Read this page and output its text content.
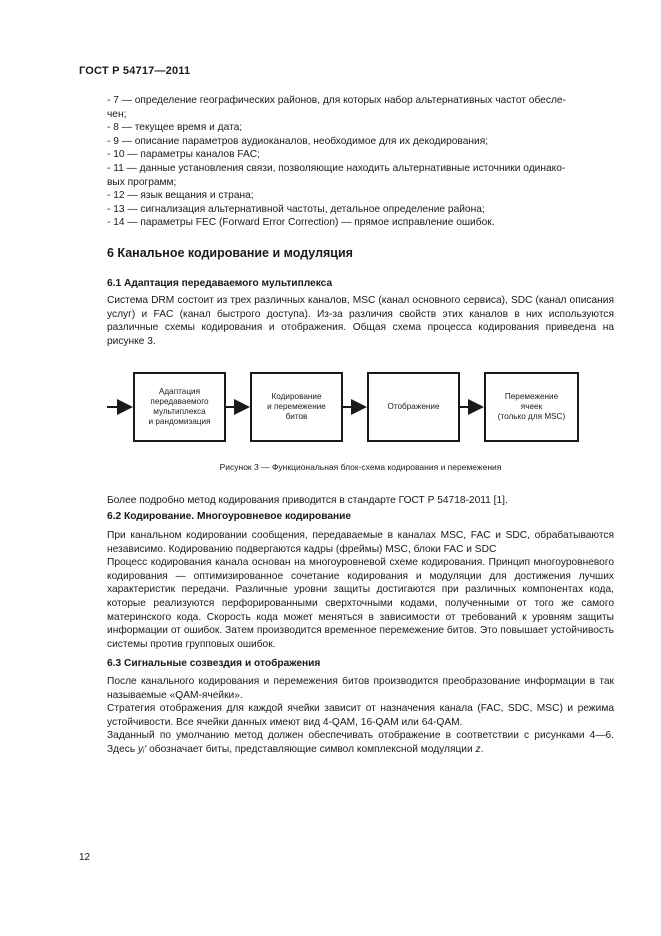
ГОСТ Р 54717—2011

- 7 — определение географических районов, для которых набор альтернативных частот обесле-

чен;

- 8 — текущее время и дата;

- 9 — описание параметров аудиоканалов, необходимое для их декодирования;

- 10 — параметры каналов FAC;

- 11 — данные установления связи, позволяющие находить альтернативные источники одинако-

вых программ;

- 12 — язык вещания и страна;

- 13 — сигнализация альтернативной частоты, детальное определение района;

- 14 — параметры FEC (Forward Error Correction) — прямое исправление ошибок.

6 Канальное кодирование и модуляция
6.1 Адаптация передаваемого мультиплекса

Система DRM состоит из трех различных каналов, MSC (канал основного сервиса), SDC (канал описания услуг) и FAC (канал быстрого доступа). Из-за различия свойств этих каналов в них используются различные схемы кодирования и отображения. Общая схема процесса кодирования приведена на рисунке 3.

Адаптация
передаваемого
мультиплекса
и рандомизация
Кодирование
и перемежение
битов
Отображение
Перемежение
ячеек
(только для MSC)
Рисунок 3 — Функциональная блок-схема кодирования и перемежения

Более подробно метод кодирования приводится в стандарте ГОСТ Р 54718-2011 [1].

6.2 Кодирование. Многоуровневое кодирование

При канальном кодировании сообщения, передаваемые в каналах MSC, FAC и SDC, обрабатываются независимо. Кодированию подвергаются кадры (фреймы) MSC, блоки FAC и SDC

Процесс кодирования канала основан на многоуровневой схеме кодирования. Принцип многоуровневого кодирования — оптимизированное сочетание кодирования и модуляции для достижения лучших характеристик передачи. Различные уровни защиты достигаются при различных компонентах кода, которые реализуются перфорированными сверхточными кодами, полученными от того же самого материнского кода. Скорость кода может меняться в зависимости от требований к уровням защиты информации от ошибок. Затем производится временное перемежение битов. Это повышает устойчивость системы против групповых ошибок.

6.3 Сигнальные созвездия и отображения

После канального кодирования и перемежения битов производится преобразование информации в так называемые «QAM-ячейки».

Стратегия отображения для каждой ячейки зависит от назначения канала (FAC, SDC, MSC) и режима устойчивости. Все ячейки данных имеют вид 4-QAM, 16-QAM или 64-QAM.

Заданный по умолчанию метод должен обеспечивать отображение в соответствии с рисунками 4—6. Здесь yᵢ′ обозначает биты, представляющие символ комплексной модуляции z.

12
